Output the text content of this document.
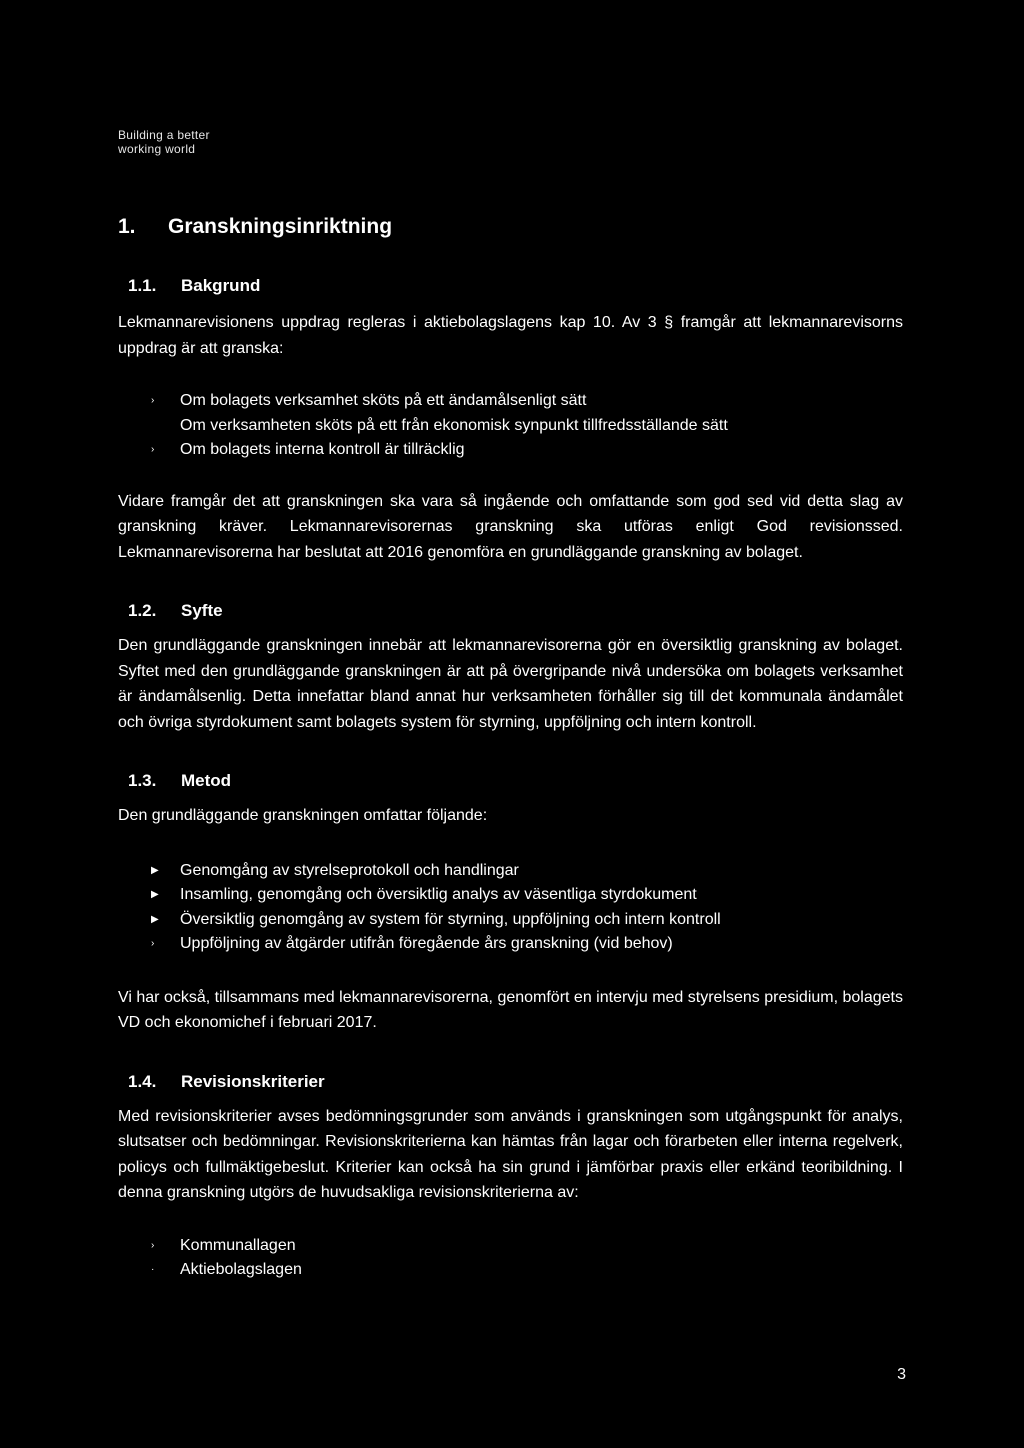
Building a better
working world
1.	Granskningsinriktning
1.1.	Bakgrund

Lekmannarevisionens uppdrag regleras i aktiebolagslagens kap 10. Av 3 § framgår att lekmannarevisorns uppdrag är att granska:

›	Om bolagets verksamhet sköts på ett ändamålsenligt sätt
Om verksamheten sköts på ett från ekonomisk synpunkt tillfredsställande sätt
›	Om bolagets interna kontroll är tillräcklig

Vidare framgår det att granskningen ska vara så ingående och omfattande som god sed vid detta slag av granskning kräver. Lekmannarevisorernas granskning ska utföras enligt God revisionssed. Lekmannarevisorerna har beslutat att 2016 genomföra en grundläggande granskning av bolaget.

1.2.	Syfte

Den grundläggande granskningen innebär att lekmannarevisorerna gör en översiktlig granskning av bolaget. Syftet med den grundläggande granskningen är att på övergripande nivå undersöka om bolagets verksamhet är ändamålsenlig. Detta innefattar bland annat hur verksamheten förhåller sig till det kommunala ändamålet och övriga styrdokument samt bolagets system för styrning, uppföljning och intern kontroll.

1.3.	Metod

Den grundläggande granskningen omfattar följande:

▶	Genomgång av styrelseprotokoll och handlingar
▶	Insamling, genomgång och översiktlig analys av väsentliga styrdokument
▶	Översiktlig genomgång av system för styrning, uppföljning och intern kontroll
›	Uppföljning av åtgärder utifrån föregående års granskning (vid behov)

Vi har också, tillsammans med lekmannarevisorerna, genomfört en intervju med styrelsens presidium, bolagets VD och ekonomichef i februari 2017.

1.4.	Revisionskriterier

Med revisionskriterier avses bedömningsgrunder som används i granskningen som utgångspunkt för analys, slutsatser och bedömningar. Revisionskriterierna kan hämtas från lagar och förarbeten eller interna regelverk, policys och fullmäktigebeslut. Kriterier kan också ha sin grund i jämförbar praxis eller erkänd teoribildning. I denna granskning utgörs de huvudsakliga revisionskriterierna av:

›	Kommunallagen
·	Aktiebolagslagen
3
